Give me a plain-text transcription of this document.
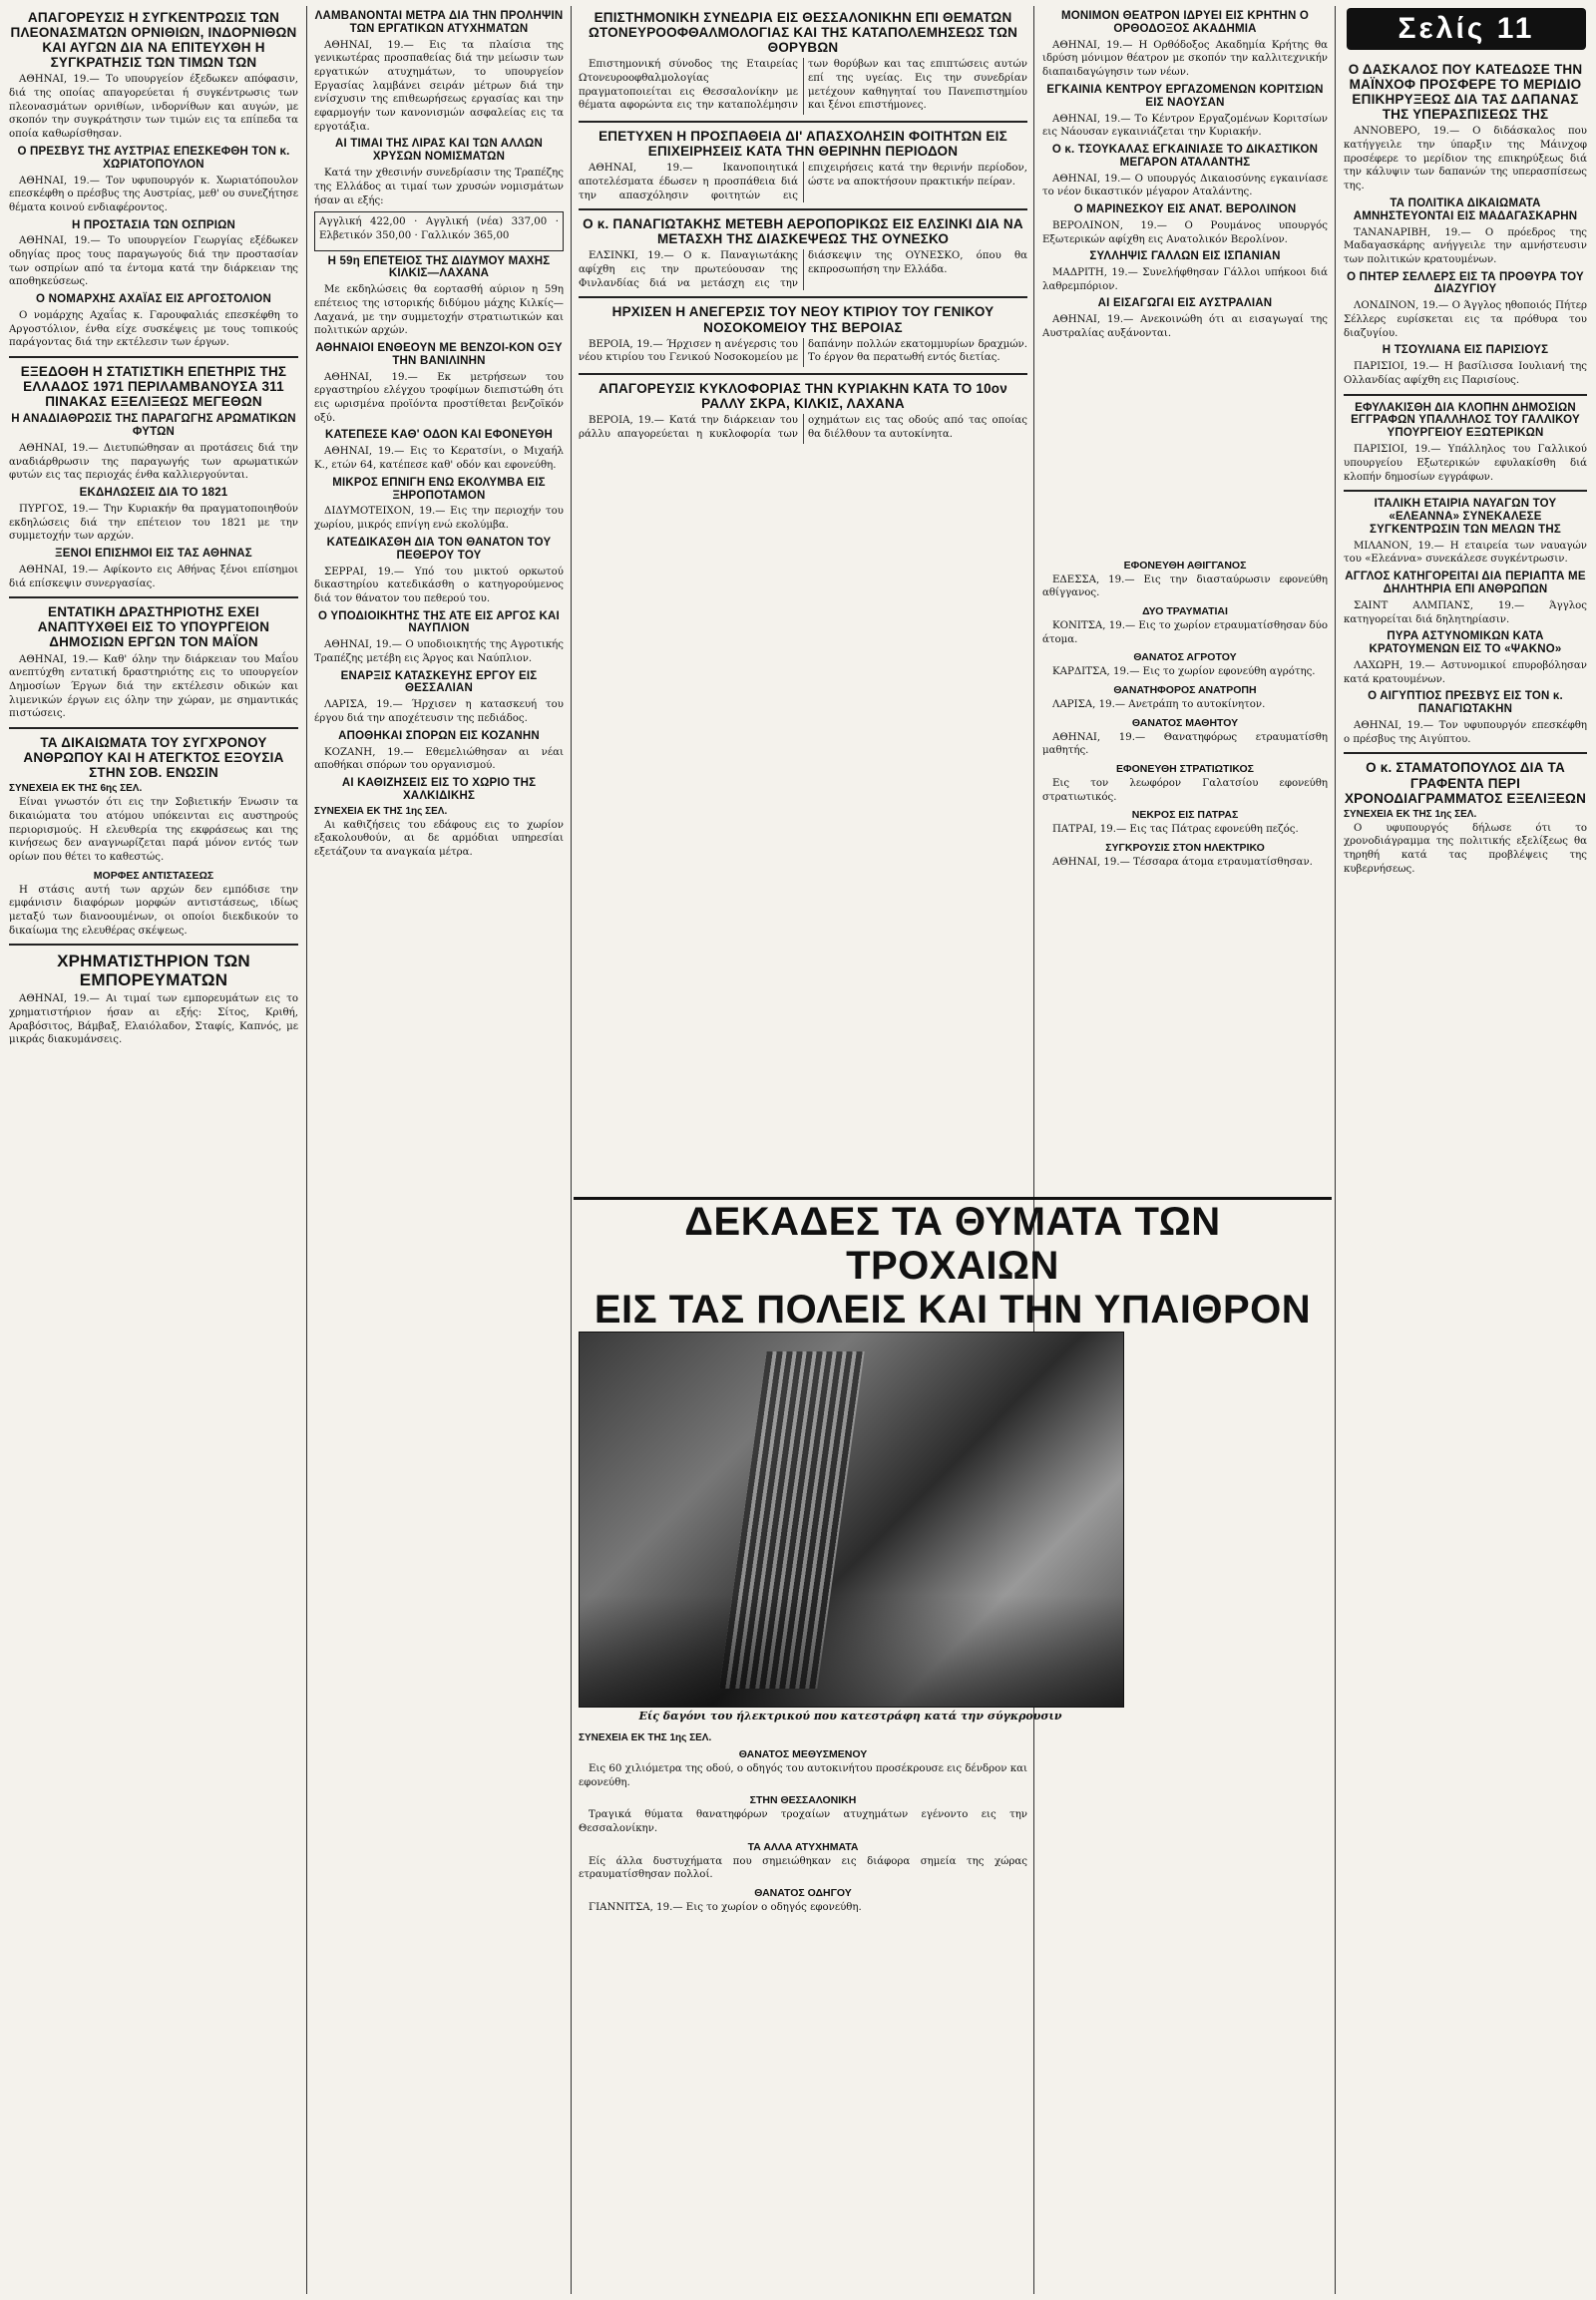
ΑΠΑΓΟΡΕΥΣΙΣ Η ΣΥΓΚΕΝΤΡΩΣΙΣ ΤΩΝ ΠΛΕΟΝΑΣΜΑΤΩΝ ΟΡΝΙΘΙΩΝ, ΙΝΔΟΡΝΙΘΩΝ ΚΑΙ ΑΥΓΩΝ ΔΙΑ ΝΑ ΕΠΙΤΕΥΧΘΗ Η ΣΥΓΚΡΑΤΗΣΙΣ ΤΩΝ ΤΙΜΩΝ ΤΩΝ

ΑΘΗΝΑΙ, 19.— Το υπουργείον έξεδωκεν απόφασιν, διά της οποίας απαγορεύεται ή συγκέντρωσις των πλεονασμάτων ορνιθίων, ινδορνίθων και αυγών, με σκοπόν την συγκράτησιν των τιμών εις τα επίπεδα τα οποία καθωρίσθησαν.

Ο ΠΡΕΣΒΥΣ ΤΗΣ ΑΥΣΤΡΙΑΣ ΕΠΕΣΚΕΦΘΗ ΤΟΝ κ. ΧΩΡΙΑΤΟΠΟΥΛΟΝ

ΑΘΗΝΑΙ, 19.— Τον υφυπουργόν κ. Χωριατόπουλον επεσκέφθη ο πρέσβυς της Αυστρίας, μεθ' ου συνεζήτησε θέματα κοινού ενδιαφέροντος.

Η ΠΡΟΣΤΑΣΙΑ ΤΩΝ ΟΣΠΡΙΩΝ

ΑΘΗΝΑΙ, 19.— Το υπουργείον Γεωργίας εξέδωκεν οδηγίας προς τους παραγωγούς διά την προστασίαν των οσπρίων από τα έντομα κατά την διάρκειαν της αποθηκεύσεως.

Ο ΝΟΜΑΡΧΗΣ ΑΧΑΪΑΣ ΕΙΣ ΑΡΓΟΣΤΟΛΙΟΝ

Ο νομάρχης Αχαΐας κ. Γαρουφαλιάς επεσκέφθη το Αργοστόλιον, ένθα είχε συσκέψεις με τους τοπικούς παράγοντας διά την εκτέλεσιν των έργων.

ΕΞΕΔΟΘΗ Η ΣΤΑΤΙΣΤΙΚΗ ΕΠΕΤΗΡΙΣ ΤΗΣ ΕΛΛΑΔΟΣ 1971 ΠΕΡΙΛΑΜΒΑΝΟΥΣΑ 311 ΠΙΝΑΚΑΣ ΕΞΕΛΙΞΕΩΣ ΜΕΓΕΘΩΝ
Η ΑΝΑΔΙΑΘΡΩΣΙΣ ΤΗΣ ΠΑΡΑΓΩΓΗΣ ΑΡΩΜΑΤΙΚΩΝ ΦΥΤΩΝ

ΑΘΗΝΑΙ, 19.— Διετυπώθησαν αι προτάσεις διά την αναδιάρθρωσιν της παραγωγής των αρωματικών φυτών εις τας περιοχάς ένθα καλλιεργούνται.

ΕΚΔΗΛΩΣΕΙΣ ΔΙΑ ΤΟ 1821

ΠΥΡΓΟΣ, 19.— Την Κυριακήν θα πραγματοποιηθούν εκδηλώσεις διά την επέτειον του 1821 με την συμμετοχήν των αρχών.

ΞΕΝΟΙ ΕΠΙΣΗΜΟΙ ΕΙΣ ΤΑΣ ΑΘΗΝΑΣ

ΑΘΗΝΑΙ, 19.— Αφίκοντο εις Αθήνας ξένοι επίσημοι διά επίσκεψιν συνεργασίας.

ΕΝΤΑΤΙΚΗ ΔΡΑΣΤΗΡΙΟΤΗΣ ΕΧΕΙ ΑΝΑΠΤΥΧΘΕΙ ΕΙΣ ΤΟ ΥΠΟΥΡΓΕΙΟΝ ΔΗΜΟΣΙΩΝ ΕΡΓΩΝ ΤΟΝ ΜΑΪΟΝ

ΑΘΗΝΑΙ, 19.— Καθ' όλην την διάρκειαν του Μαΐου ανεπτύχθη εντατική δραστηριότης εις το υπουργείον Δημοσίων Έργων διά την εκτέλεσιν οδικών και λιμενικών έργων εις όλην την χώραν, με σημαντικάς πιστώσεις.

ΤΑ ΔΙΚΑΙΩΜΑΤΑ ΤΟΥ ΣΥΓΧΡΟΝΟΥ ΑΝΘΡΩΠΟΥ ΚΑΙ Η ΑΤΕΓΚΤΟΣ ΕΞΟΥΣΙΑ ΣΤΗΝ ΣΟΒ. ΕΝΩΣΙΝ
ΣΥΝΕΧΕΙΑ ΕΚ ΤΗΣ 6ης ΣΕΛ.

Είναι γνωστόν ότι εις την Σοβιετικήν Ένωσιν τα δικαιώματα του ατόμου υπόκεινται εις αυστηρούς περιορισμούς. Η ελευθερία της εκφράσεως και της κινήσεως δεν αναγνωρίζεται παρά μόνον εντός των ορίων που θέτει το καθεστώς.

ΜΟΡΦΕΣ ΑΝΤΙΣΤΑΣΕΩΣ

Η στάσις αυτή των αρχών δεν εμπόδισε την εμφάνισιν διαφόρων μορφών αντιστάσεως, ιδίως μεταξύ των διανοουμένων, οι οποίοι διεκδικούν το δικαίωμα της ελευθέρας σκέψεως.

ΧΡΗΜΑΤΙΣΤΗΡΙΟΝ ΤΩΝ ΕΜΠΟΡΕΥΜΑΤΩΝ

ΑΘΗΝΑΙ, 19.— Αι τιμαί των εμπορευμάτων εις το χρηματιστήριον ήσαν αι εξής: Σίτος, Κριθή, Αραβόσιτος, Βάμβαξ, Ελαιόλαδον, Σταφίς, Καπνός, με μικράς διακυμάνσεις.

ΛΑΜΒΑΝΟΝΤΑΙ ΜΕΤΡΑ ΔΙΑ ΤΗΝ ΠΡΟΛΗΨΙΝ ΤΩΝ ΕΡΓΑΤΙΚΩΝ ΑΤΥΧΗΜΑΤΩΝ

ΑΘΗΝΑΙ, 19.— Εις τα πλαίσια της γενικωτέρας προσπαθείας διά την μείωσιν των εργατικών ατυχημάτων, το υπουργείον Εργασίας λαμβάνει σειράν μέτρων διά την ενίσχυσιν της επιθεωρήσεως εργασίας και την εφαρμογήν των κανονισμών ασφαλείας εις τα εργοτάξια.

ΑΙ ΤΙΜΑΙ ΤΗΣ ΛΙΡΑΣ ΚΑΙ ΤΩΝ ΑΛΛΩΝ ΧΡΥΣΩΝ ΝΟΜΙΣΜΑΤΩΝ

Κατά την χθεσινήν συνεδρίασιν της Τραπέζης της Ελλάδος αι τιμαί των χρυσών νομισμάτων ήσαν αι εξής:

Αγγλική 422,00 · Αγγλική (νέα) 337,00 · Ελβετικόν 350,00 · Γαλλικόν 365,00

Η 59η ΕΠΕΤΕΙΟΣ ΤΗΣ ΔΙΔΥΜΟΥ ΜΑΧΗΣ ΚΙΛΚΙΣ—ΛΑΧΑΝΑ

Με εκδηλώσεις θα εορτασθή αύριον η 59η επέτειος της ιστορικής διδύμου μάχης Κιλκίς—Λαχανά, με την συμμετοχήν στρατιωτικών και πολιτικών αρχών.

ΑΘΗΝΑΙΟΙ ΕΝΘΕΟΥΝ ΜΕ ΒΕΝΖΟΙ-ΚΟΝ ΟΞΥ ΤΗΝ ΒΑΝΙΛΙΝΗΝ

ΑΘΗΝΑΙ, 19.— Εκ μετρήσεων του εργαστηρίου ελέγχου τροφίμων διεπιστώθη ότι εις ωρισμένα προϊόντα προστίθεται βενζοϊκόν οξύ.

ΚΑΤΕΠΕΣΕ ΚΑΘ' ΟΔΟΝ ΚΑΙ ΕΦΟΝΕΥΘΗ

ΑΘΗΝΑΙ, 19.— Εις το Κερατσίνι, ο Μιχαήλ Κ., ετών 64, κατέπεσε καθ' οδόν και εφονεύθη.

ΜΙΚΡΟΣ ΕΠΝΙΓΗ ΕΝΩ ΕΚΟΛΥΜΒΑ ΕΙΣ ΞΗΡΟΠΟΤΑΜΟΝ

ΔΙΔΥΜΟΤΕΙΧΟΝ, 19.— Εις την περιοχήν του χωρίου, μικρός επνίγη ενώ εκολύμβα.

ΚΑΤΕΔΙΚΑΣΘΗ ΔΙΑ ΤΟΝ ΘΑΝΑΤΟΝ ΤΟΥ ΠΕΘΕΡΟΥ ΤΟΥ

ΣΕΡΡΑΙ, 19.— Υπό του μικτού ορκωτού δικαστηρίου κατεδικάσθη ο κατηγορούμενος διά τον θάνατον του πεθερού του.

Ο ΥΠΟΔΙΟΙΚΗΤΗΣ ΤΗΣ ΑΤΕ ΕΙΣ ΑΡΓΟΣ ΚΑΙ ΝΑΥΠΛΙΟΝ

ΑΘΗΝΑΙ, 19.— Ο υποδιοικητής της Αγροτικής Τραπέζης μετέβη εις Άργος και Ναύπλιον.

ΕΝΑΡΞΙΣ ΚΑΤΑΣΚΕΥΗΣ ΕΡΓΟΥ ΕΙΣ ΘΕΣΣΑΛΙΑΝ

ΛΑΡΙΣΑ, 19.— Ήρχισεν η κατασκευή του έργου διά την αποχέτευσιν της πεδιάδος.

ΑΠΟΘΗΚΑΙ ΣΠΟΡΩΝ ΕΙΣ ΚΟΖΑΝΗΝ

ΚΟΖΑΝΗ, 19.— Εθεμελιώθησαν αι νέαι αποθήκαι σπόρων του οργανισμού.

ΑΙ ΚΑΘΙΖΗΣΕΙΣ ΕΙΣ ΤΟ ΧΩΡΙΟ ΤΗΣ ΧΑΛΚΙΔΙΚΗΣ
ΣΥΝΕΧΕΙΑ ΕΚ ΤΗΣ 1ης ΣΕΛ.

Αι καθιζήσεις του εδάφους εις το χωρίον εξακολουθούν, αι δε αρμόδιαι υπηρεσίαι εξετάζουν τα αναγκαία μέτρα.

ΕΠΙΣΤΗΜΟΝΙΚΗ ΣΥΝΕΔΡΙΑ ΕΙΣ ΘΕΣΣΑΛΟΝΙΚΗΝ ΕΠΙ ΘΕΜΑΤΩΝ ΩΤΟΝΕΥΡΟΟΦΘΑΛΜΟΛΟΓΙΑΣ ΚΑΙ ΤΗΣ ΚΑΤΑΠΟΛΕΜΗΣΕΩΣ ΤΩΝ ΘΟΡΥΒΩΝ

Επιστημονική σύνοδος της Εταιρείας Ωτονευροοφθαλμολογίας πραγματοποιείται εις Θεσσαλονίκην με θέματα αφορώντα εις την καταπολέμησιν των θορύβων και τας επιπτώσεις αυτών επί της υγείας. Εις την συνεδρίαν μετέχουν καθηγηταί του Πανεπιστημίου και ξένοι επιστήμονες.

ΕΠΕΤΥΧΕΝ Η ΠΡΟΣΠΑΘΕΙΑ ΔΙ' ΑΠΑΣΧΟΛΗΣΙΝ ΦΟΙΤΗΤΩΝ ΕΙΣ ΕΠΙΧΕΙΡΗΣΕΙΣ ΚΑΤΑ ΤΗΝ ΘΕΡΙΝΗΝ ΠΕΡΙΟΔΟΝ

ΑΘΗΝΑΙ, 19.— Ικανοποιητικά αποτελέσματα έδωσεν η προσπάθεια διά την απασχόλησιν φοιτητών εις επιχειρήσεις κατά την θερινήν περίοδον, ώστε να αποκτήσουν πρακτικήν πείραν.

Ο κ. ΠΑΝΑΓΙΩΤΑΚΗΣ ΜΕΤΕΒΗ ΑΕΡΟΠΟΡΙΚΩΣ ΕΙΣ ΕΛΣΙΝΚΙ ΔΙΑ ΝΑ ΜΕΤΑΣΧΗ ΤΗΣ ΔΙΑΣΚΕΨΕΩΣ ΤΗΣ ΟΥΝΕΣΚΟ

ΕΛΣΙΝΚΙ, 19.— Ο κ. Παναγιωτάκης αφίχθη εις την πρωτεύουσαν της Φινλανδίας διά να μετάσχη εις την διάσκεψιν της ΟΥΝΕΣΚΟ, όπου θα εκπροσωπήση την Ελλάδα.

ΗΡΧΙΣΕΝ Η ΑΝΕΓΕΡΣΙΣ ΤΟΥ ΝΕΟΥ ΚΤΙΡΙΟΥ ΤΟΥ ΓΕΝΙΚΟΥ ΝΟΣΟΚΟΜΕΙΟΥ ΤΗΣ ΒΕΡΟΙΑΣ

ΒΕΡΟΙΑ, 19.— Ήρχισεν η ανέγερσις του νέου κτιρίου του Γενικού Νοσοκομείου με δαπάνην πολλών εκατομμυρίων δραχμών. Το έργον θα περατωθή εντός διετίας.

ΑΠΑΓΟΡΕΥΣΙΣ ΚΥΚΛΟΦΟΡΙΑΣ ΤΗΝ ΚΥΡΙΑΚΗΝ ΚΑΤΑ ΤΟ 10ον ΡΑΛΛΥ ΣΚΡΑ, ΚΙΛΚΙΣ, ΛΑΧΑΝΑ

ΒΕΡΟΙΑ, 19.— Κατά την διάρκειαν του ράλλυ απαγορεύεται η κυκλοφορία των οχημάτων εις τας οδούς από τας οποίας θα διέλθουν τα αυτοκίνητα.

ΜΟΝΙΜΟΝ ΘΕΑΤΡΟΝ ΙΔΡΥΕΙ ΕΙΣ ΚΡΗΤΗΝ Ο ΟΡΘΟΔΟΞΟΣ ΑΚΑΔΗΜΙΑ

ΑΘΗΝΑΙ, 19.— Η Ορθόδοξος Ακαδημία Κρήτης θα ιδρύση μόνιμον θέατρον με σκοπόν την καλλιτεχνικήν διαπαιδαγώγησιν των νέων.

ΕΓΚΑΙΝΙΑ ΚΕΝΤΡΟΥ ΕΡΓΑΖΟΜΕΝΩΝ ΚΟΡΙΤΣΙΩΝ ΕΙΣ ΝΑΟΥΣΑΝ

ΑΘΗΝΑΙ, 19.— Το Κέντρον Εργαζομένων Κοριτσίων εις Νάουσαν εγκαινιάζεται την Κυριακήν.

Ο κ. ΤΣΟΥΚΑΛΑΣ ΕΓΚΑΙΝΙΑΣΕ ΤΟ ΔΙΚΑΣΤΙΚΟΝ ΜΕΓΑΡΟΝ ΑΤΑΛΑΝΤΗΣ

ΑΘΗΝΑΙ, 19.— Ο υπουργός Δικαιοσύνης εγκαινίασε το νέον δικαστικόν μέγαρον Αταλάντης.

Ο ΜΑΡΙΝΕΣΚΟΥ ΕΙΣ ΑΝΑΤ. ΒΕΡΟΛΙΝΟΝ

ΒΕΡΟΛΙΝΟΝ, 19.— Ο Ρουμάνος υπουργός Εξωτερικών αφίχθη εις Ανατολικόν Βερολίνον.

ΣΥΛΛΗΨΙΣ ΓΑΛΛΩΝ ΕΙΣ ΙΣΠΑΝΙΑΝ

ΜΑΔΡΙΤΗ, 19.— Συνελήφθησαν Γάλλοι υπήκοοι διά λαθρεμπόριον.

ΑΙ ΕΙΣΑΓΩΓΑΙ ΕΙΣ ΑΥΣΤΡΑΛΙΑΝ

ΑΘΗΝΑΙ, 19.— Ανεκοινώθη ότι αι εισαγωγαί της Αυστραλίας αυξάνονται.

ΕΦΟΝΕΥΘΗ ΑΘΙΓΓΑΝΟΣ

ΕΔΕΣΣΑ, 19.— Εις την διασταύρωσιν εφονεύθη αθίγγανος.

ΔΥΟ ΤΡΑΥΜΑΤΙΑΙ

ΚΟΝΙΤΣΑ, 19.— Εις το χωρίον ετραυματίσθησαν δύο άτομα.

ΘΑΝΑΤΟΣ ΑΓΡΟΤΟΥ

ΚΑΡΔΙΤΣΑ, 19.— Εις το χωρίον εφονεύθη αγρότης.

ΘΑΝΑΤΗΦΟΡΟΣ ΑΝΑΤΡΟΠΗ

ΛΑΡΙΣΑ, 19.— Ανετράπη το αυτοκίνητον.

ΘΑΝΑΤΟΣ ΜΑΘΗΤΟΥ

ΑΘΗΝΑΙ, 19.— Θανατηφόρως ετραυματίσθη μαθητής.

ΕΦΟΝΕΥΘΗ ΣΤΡΑΤΙΩΤΙΚΟΣ

Εις τον λεωφόρον Γαλατσίου εφονεύθη στρατιωτικός.

ΝΕΚΡΟΣ ΕΙΣ ΠΑΤΡΑΣ

ΠΑΤΡΑΙ, 19.— Εις τας Πάτρας εφονεύθη πεζός.

ΣΥΓΚΡΟΥΣΙΣ ΣΤΟΝ ΗΛΕΚΤΡΙΚΟ

ΑΘΗΝΑΙ, 19.— Τέσσαρα άτομα ετραυματίσθησαν.

ΔΕΚΑΔΕΣ ΤΑ ΘΥΜΑΤΑ ΤΩΝ ΤΡΟΧΑΙΩΝ
ΕΙΣ ΤΑΣ ΠΟΛΕΙΣ ΚΑΙ ΤΗΝ ΥΠΑΙΘΡΟΝ
Είς δαγόνι του ήλεκτρικού που κατεστράφη κατά την σύγκρουσιν
ΣΥΝΕΧΕΙΑ ΕΚ ΤΗΣ 1ης ΣΕΛ.
ΘΑΝΑΤΟΣ ΜΕΘΥΣΜΕΝΟΥ

Εις 60 χιλιόμετρα της οδού, ο οδηγός του αυτοκινήτου προσέκρουσε εις δένδρον και εφονεύθη.

ΣΤΗΝ ΘΕΣΣΑΛΟΝΙΚΗ

Τραγικά θύματα θανατηφόρων τροχαίων ατυχημάτων εγένοντο εις την Θεσσαλονίκην.

ΤΑ ΑΛΛΑ ΑΤΥΧΗΜΑΤΑ

Είς άλλα δυστυχήματα που σημειώθηκαν εις διάφορα σημεία της χώρας ετραυματίσθησαν πολλοί.

ΘΑΝΑΤΟΣ ΟΔΗΓΟΥ

ΓΙΑΝΝΙΤΣΑ, 19.— Εις το χωρίον ο οδηγός εφονεύθη.

Σελίς 11
Ο ΔΑΣΚΑΛΟΣ ΠΟΥ ΚΑΤΕΔΩΣΕ ΤΗΝ ΜΑΪΝΧΟΦ ΠΡΟΣΦΕΡΕ ΤΟ ΜΕΡΙΔΙΟ ΕΠΙΚΗΡΥΞΕΩΣ ΔΙΑ ΤΑΣ ΔΑΠΑΝΑΣ ΤΗΣ ΥΠΕΡΑΣΠΙΣΕΩΣ ΤΗΣ

ΑΝΝΟΒΕΡΟ, 19.— Ο διδάσκαλος που κατήγγειλε την ύπαρξιν της Μάινχοφ προσέφερε το μερίδιον της επικηρύξεως διά την κάλυψιν των δαπανών της υπερασπίσεως της.

ΤΑ ΠΟΛΙΤΙΚΑ ΔΙΚΑΙΩΜΑΤΑ ΑΜΝΗΣΤΕΥΟΝΤΑΙ ΕΙΣ ΜΑΔΑΓΑΣΚΑΡΗΝ

ΤΑΝΑΝΑΡΙΒΗ, 19.— Ο πρόεδρος της Μαδαγασκάρης ανήγγειλε την αμνήστευσιν των πολιτικών κρατουμένων.

Ο ΠΗΤΕΡ ΣΕΛΛΕΡΣ ΕΙΣ ΤΑ ΠΡΟΘΥΡΑ ΤΟΥ ΔΙΑΖΥΓΙΟΥ

ΛΟΝΔΙΝΟΝ, 19.— Ο Άγγλος ηθοποιός Πήτερ Σέλλερς ευρίσκεται εις τα πρόθυρα του διαζυγίου.

Η ΤΣΟΥΛΙΑΝΑ ΕΙΣ ΠΑΡΙΣΙΟΥΣ

ΠΑΡΙΣΙΟΙ, 19.— Η βασίλισσα Ιουλιανή της Ολλανδίας αφίχθη εις Παρισίους.

ΕΦΥΛΑΚΙΣΘΗ ΔΙΑ ΚΛΟΠΗΝ ΔΗΜΟΣΙΩΝ ΕΓΓΡΑΦΩΝ ΥΠΑΛΛΗΛΟΣ ΤΟΥ ΓΑΛΛΙΚΟΥ ΥΠΟΥΡΓΕΙΟΥ ΕΞΩΤΕΡΙΚΩΝ

ΠΑΡΙΣΙΟΙ, 19.— Υπάλληλος του Γαλλικού υπουργείου Εξωτερικών εφυλακίσθη διά κλοπήν δημοσίων εγγράφων.

ΙΤΑΛΙΚΗ ΕΤΑΙΡΙΑ ΝΑΥΑΓΩΝ ΤΟΥ «ΕΛΕΑΝΝΑ» ΣΥΝΕΚΑΛΕΣΕ ΣΥΓΚΕΝΤΡΩΣΙΝ ΤΩΝ ΜΕΛΩΝ ΤΗΣ

ΜΙΛΑΝΟΝ, 19.— Η εταιρεία των ναυαγών του «Ελεάννα» συνεκάλεσε συγκέντρωσιν.

ΑΓΓΛΟΣ ΚΑΤΗΓΟΡΕΙΤΑΙ ΔΙΑ ΠΕΡΙΑΠΤΑ ΜΕ ΔΗΛΗΤΗΡΙΑ ΕΠΙ ΑΝΘΡΩΠΩΝ

ΣΑΙΝΤ ΑΛΜΠΑΝΣ, 19.— Άγγλος κατηγορείται διά δηλητηρίασιν.

ΠΥΡΑ ΑΣΤΥΝΟΜΙΚΩΝ ΚΑΤΑ ΚΡΑΤΟΥΜΕΝΩΝ ΕΙΣ ΤΟ «ΨΑΚΝΟ»

ΛΑΧΩΡΗ, 19.— Αστυνομικοί επυροβόλησαν κατά κρατουμένων.

Ο ΑΙΓΥΠΤΙΟΣ ΠΡΕΣΒΥΣ ΕΙΣ ΤΟΝ κ. ΠΑΝΑΓΙΩΤΑΚΗΝ

ΑΘΗΝΑΙ, 19.— Τον υφυπουργόν επεσκέφθη ο πρέσβυς της Αιγύπτου.

Ο κ. ΣΤΑΜΑΤΟΠΟΥΛΟΣ ΔΙΑ ΤΑ ΓΡΑΦΕΝΤΑ ΠΕΡΙ ΧΡΟΝΟΔΙΑΓΡΑΜΜΑΤΟΣ ΕΞΕΛΙΞΕΩΝ
ΣΥΝΕΧΕΙΑ ΕΚ ΤΗΣ 1ης ΣΕΛ.

Ο υφυπουργός δήλωσε ότι το χρονοδιάγραμμα της πολιτικής εξελίξεως θα τηρηθή κατά τας προβλέψεις της κυβερνήσεως.
